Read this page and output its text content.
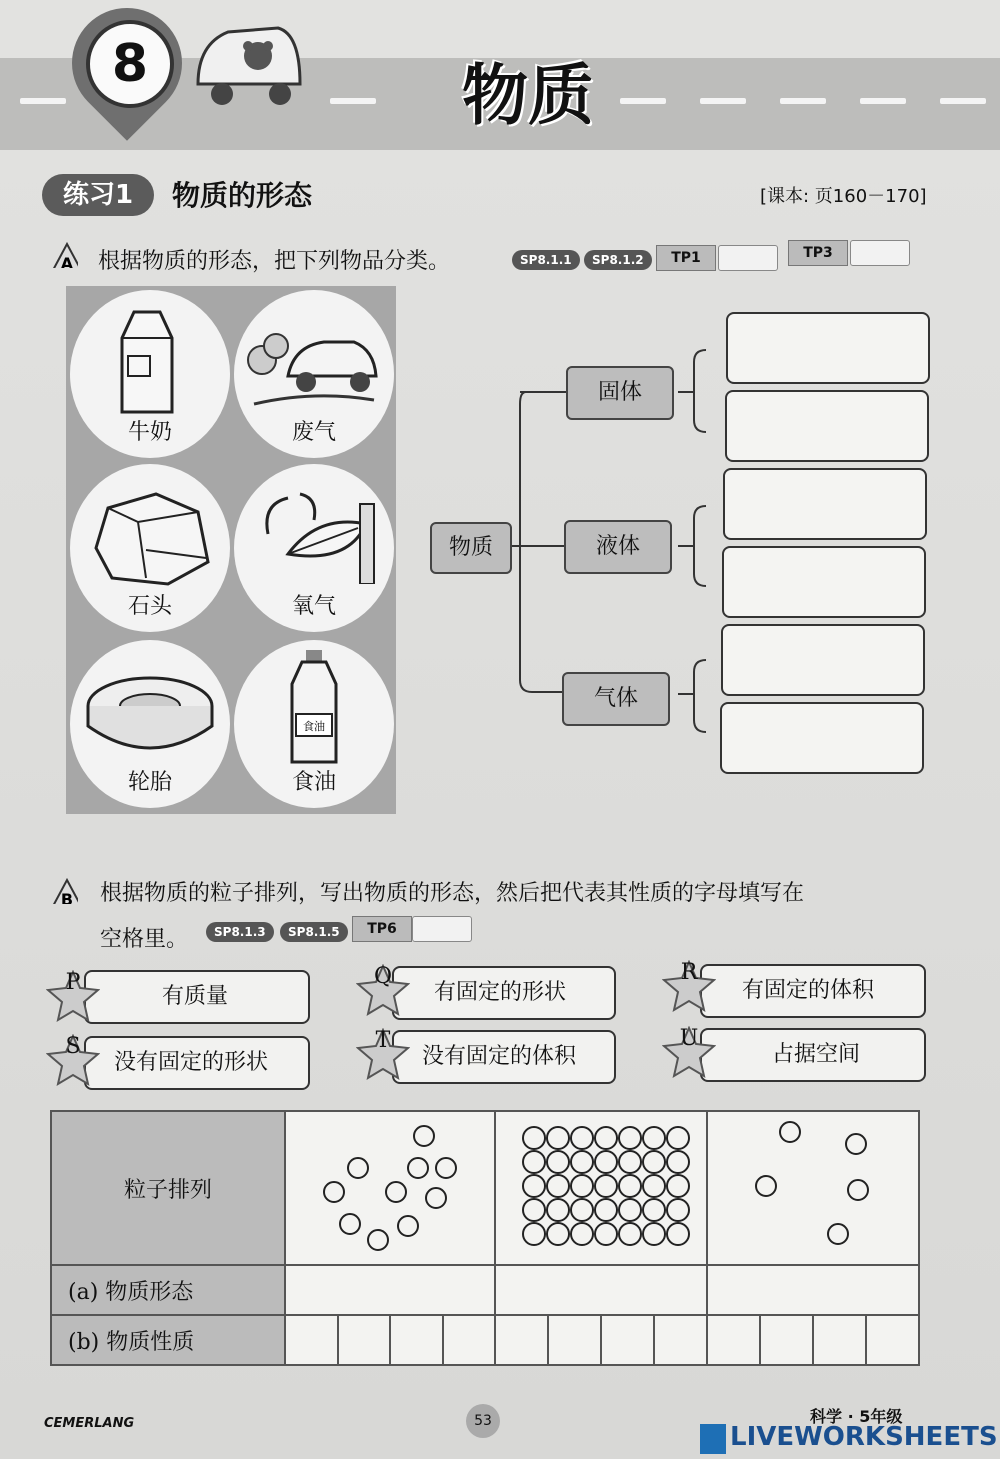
8	物质
练习1	物质的形态	[课本: 页160－170]
A 根据物质的形态，把下列物品分类。	SP8.1.1	SP8.1.2	TP1	TP3
牛奶	废气
石头	氧气
轮胎
食油
食油
物质
固体
液体
气体
B 根据物质的粒子排列，写出物质的形态，然后把代表其性质的字母填写在
空格里。	SP8.1.3	SP8.1.5	TP6
有质量
P	有固定的形状
Q
有固定的体积
R
没有固定的形状
S	没有固定的体积
T
占据空间
U
粒子排列			
(a) 物质形态												
(b) 物质性质												
CEMERLANG	53	科学 · 5年级
LIVEWORKSHEETS
